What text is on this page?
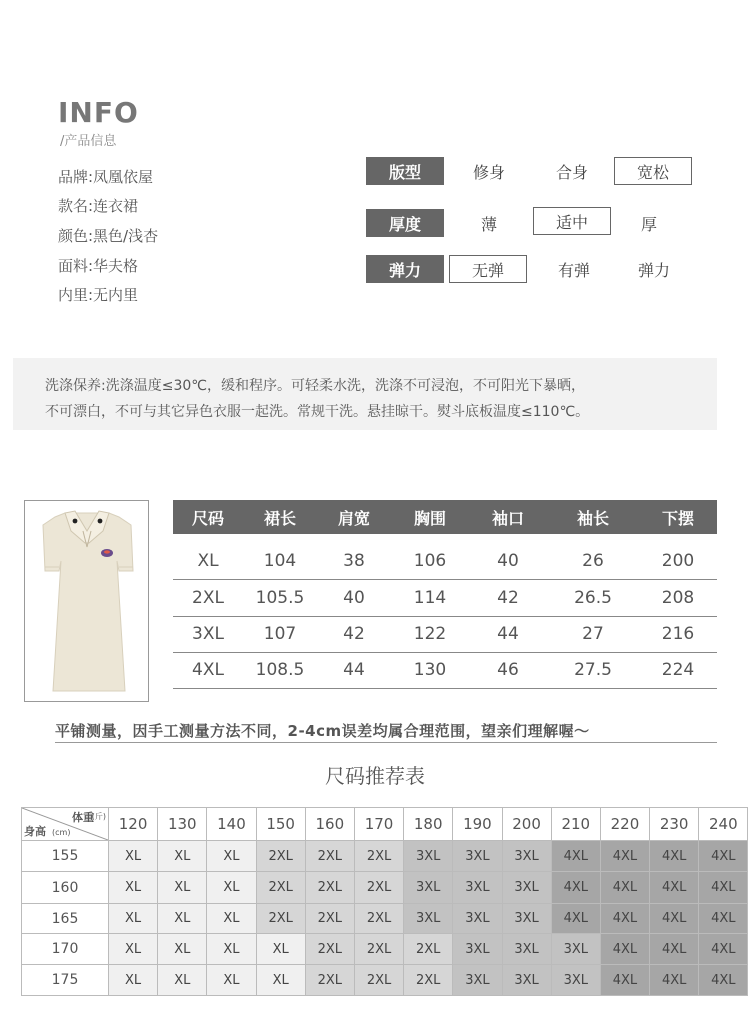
INFO
/产品信息
品牌:凤凰依屋
款名:连衣裙
颜色:黑色/浅杏
面料:华夫格
内里:无内里
版型	修身	合身	宽松
厚度	薄	适中	厚
弹力	无弹	有弹	弹力
洗涤保养:洗涤温度≤30℃，缓和程序。可轻柔水洗，洗涤不可浸泡，不可阳光下暴晒，
不可漂白，不可与其它异色衣服一起洗。常规干洗。悬挂晾干。熨斗底板温度≤110℃。
尺码	裙长	肩宽	胸围	袖口	袖长	下摆
XL	104	38	106	40	26	200
2XL	105.5	40	114	42	26.5	208
3XL	107	42	122	44	27	216
4XL	108.5	44	130	46	27.5	224
平铺测量，因手工测量方法不同，2-4cm误差均属合理范围，望亲们理解喔～
尺码推荐表
体重
(斤)
身高 (cm)	120	130	140	150	160	170	180	190	200	210	220	230	240
155	XL	XL	XL	2XL	2XL	2XL	3XL	3XL	3XL	4XL	4XL	4XL	4XL
160	XL	XL	XL	2XL	2XL	2XL	3XL	3XL	3XL	4XL	4XL	4XL	4XL
165	XL	XL	XL	2XL	2XL	2XL	3XL	3XL	3XL	4XL	4XL	4XL	4XL
170	XL	XL	XL	XL	2XL	2XL	2XL	3XL	3XL	3XL	4XL	4XL	4XL
175	XL	XL	XL	XL	2XL	2XL	2XL	3XL	3XL	3XL	4XL	4XL	4XL
